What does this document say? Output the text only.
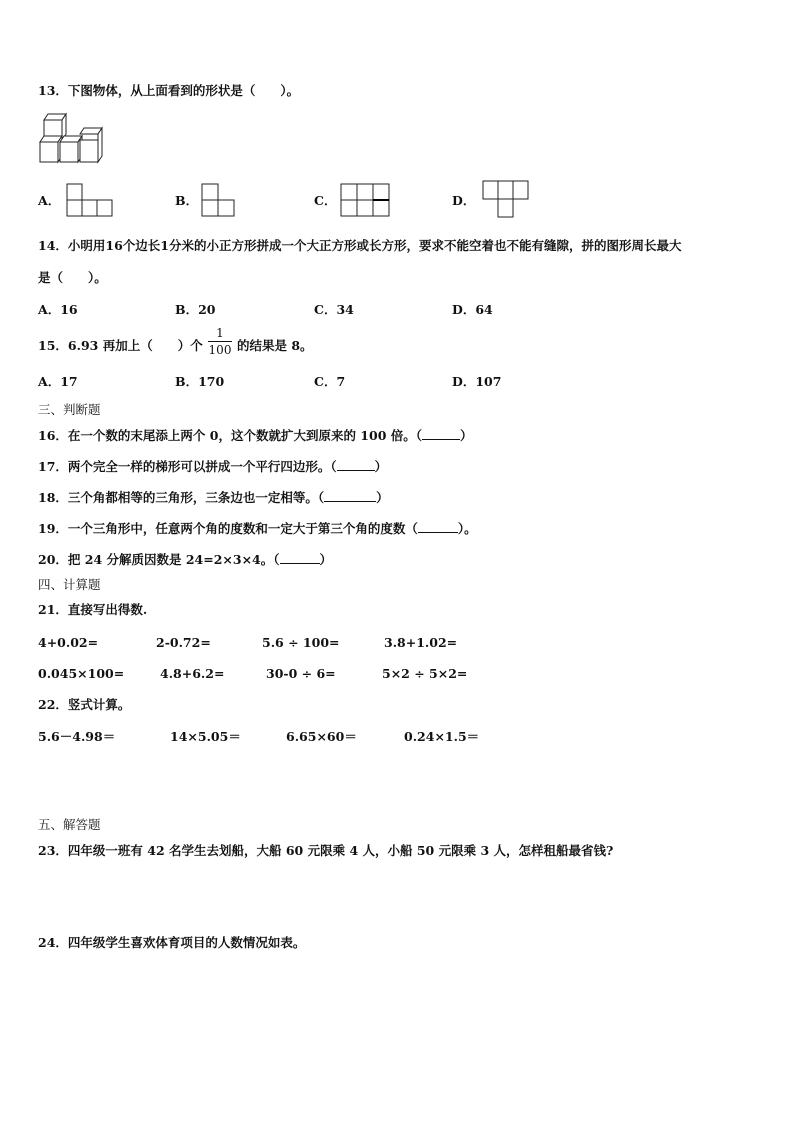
13．下图物体，从上面看到的形状是（　　）。
A．	B．	C．	D．
14．小明用16个边长1分米的小正方形拼成一个大正方形或长方形，要求不能空着也不能有缝隙，拼的图形周长最大
是（　　）。
A．16	B．20	C．34	D．64
15．6.93 再加上（　　）个
1
100 的结果是 8。
A．17	B．170	C．7	D．107
三、判断题
16．在一个数的末尾添上两个 0，这个数就扩大到原来的 100 倍。（	）
17．两个完全一样的梯形可以拼成一个平行四边形。（	）
18．三个角都相等的三角形，三条边也一定相等。（	）
19．一个三角形中，任意两个角的度数和一定大于第三个角的度数（	）。
20．把 24 分解质因数是 24=2×3×4。（	）
四、计算题
21．直接写出得数.
4+0.02=	2-0.72=	5.6 ÷ 100=	3.8+1.02=
0.045×100=	4.8+6.2=	30-0 ÷ 6=	5×2 ÷ 5×2=
22．竖式计算。
5.6－4.98＝	14×5.05＝	6.65×60＝	0.24×1.5＝
五、解答题
23．四年级一班有 42 名学生去划船，大船 60 元限乘 4 人，小船 50 元限乘 3 人，怎样租船最省钱?
24．四年级学生喜欢体育项目的人数情况如表。
